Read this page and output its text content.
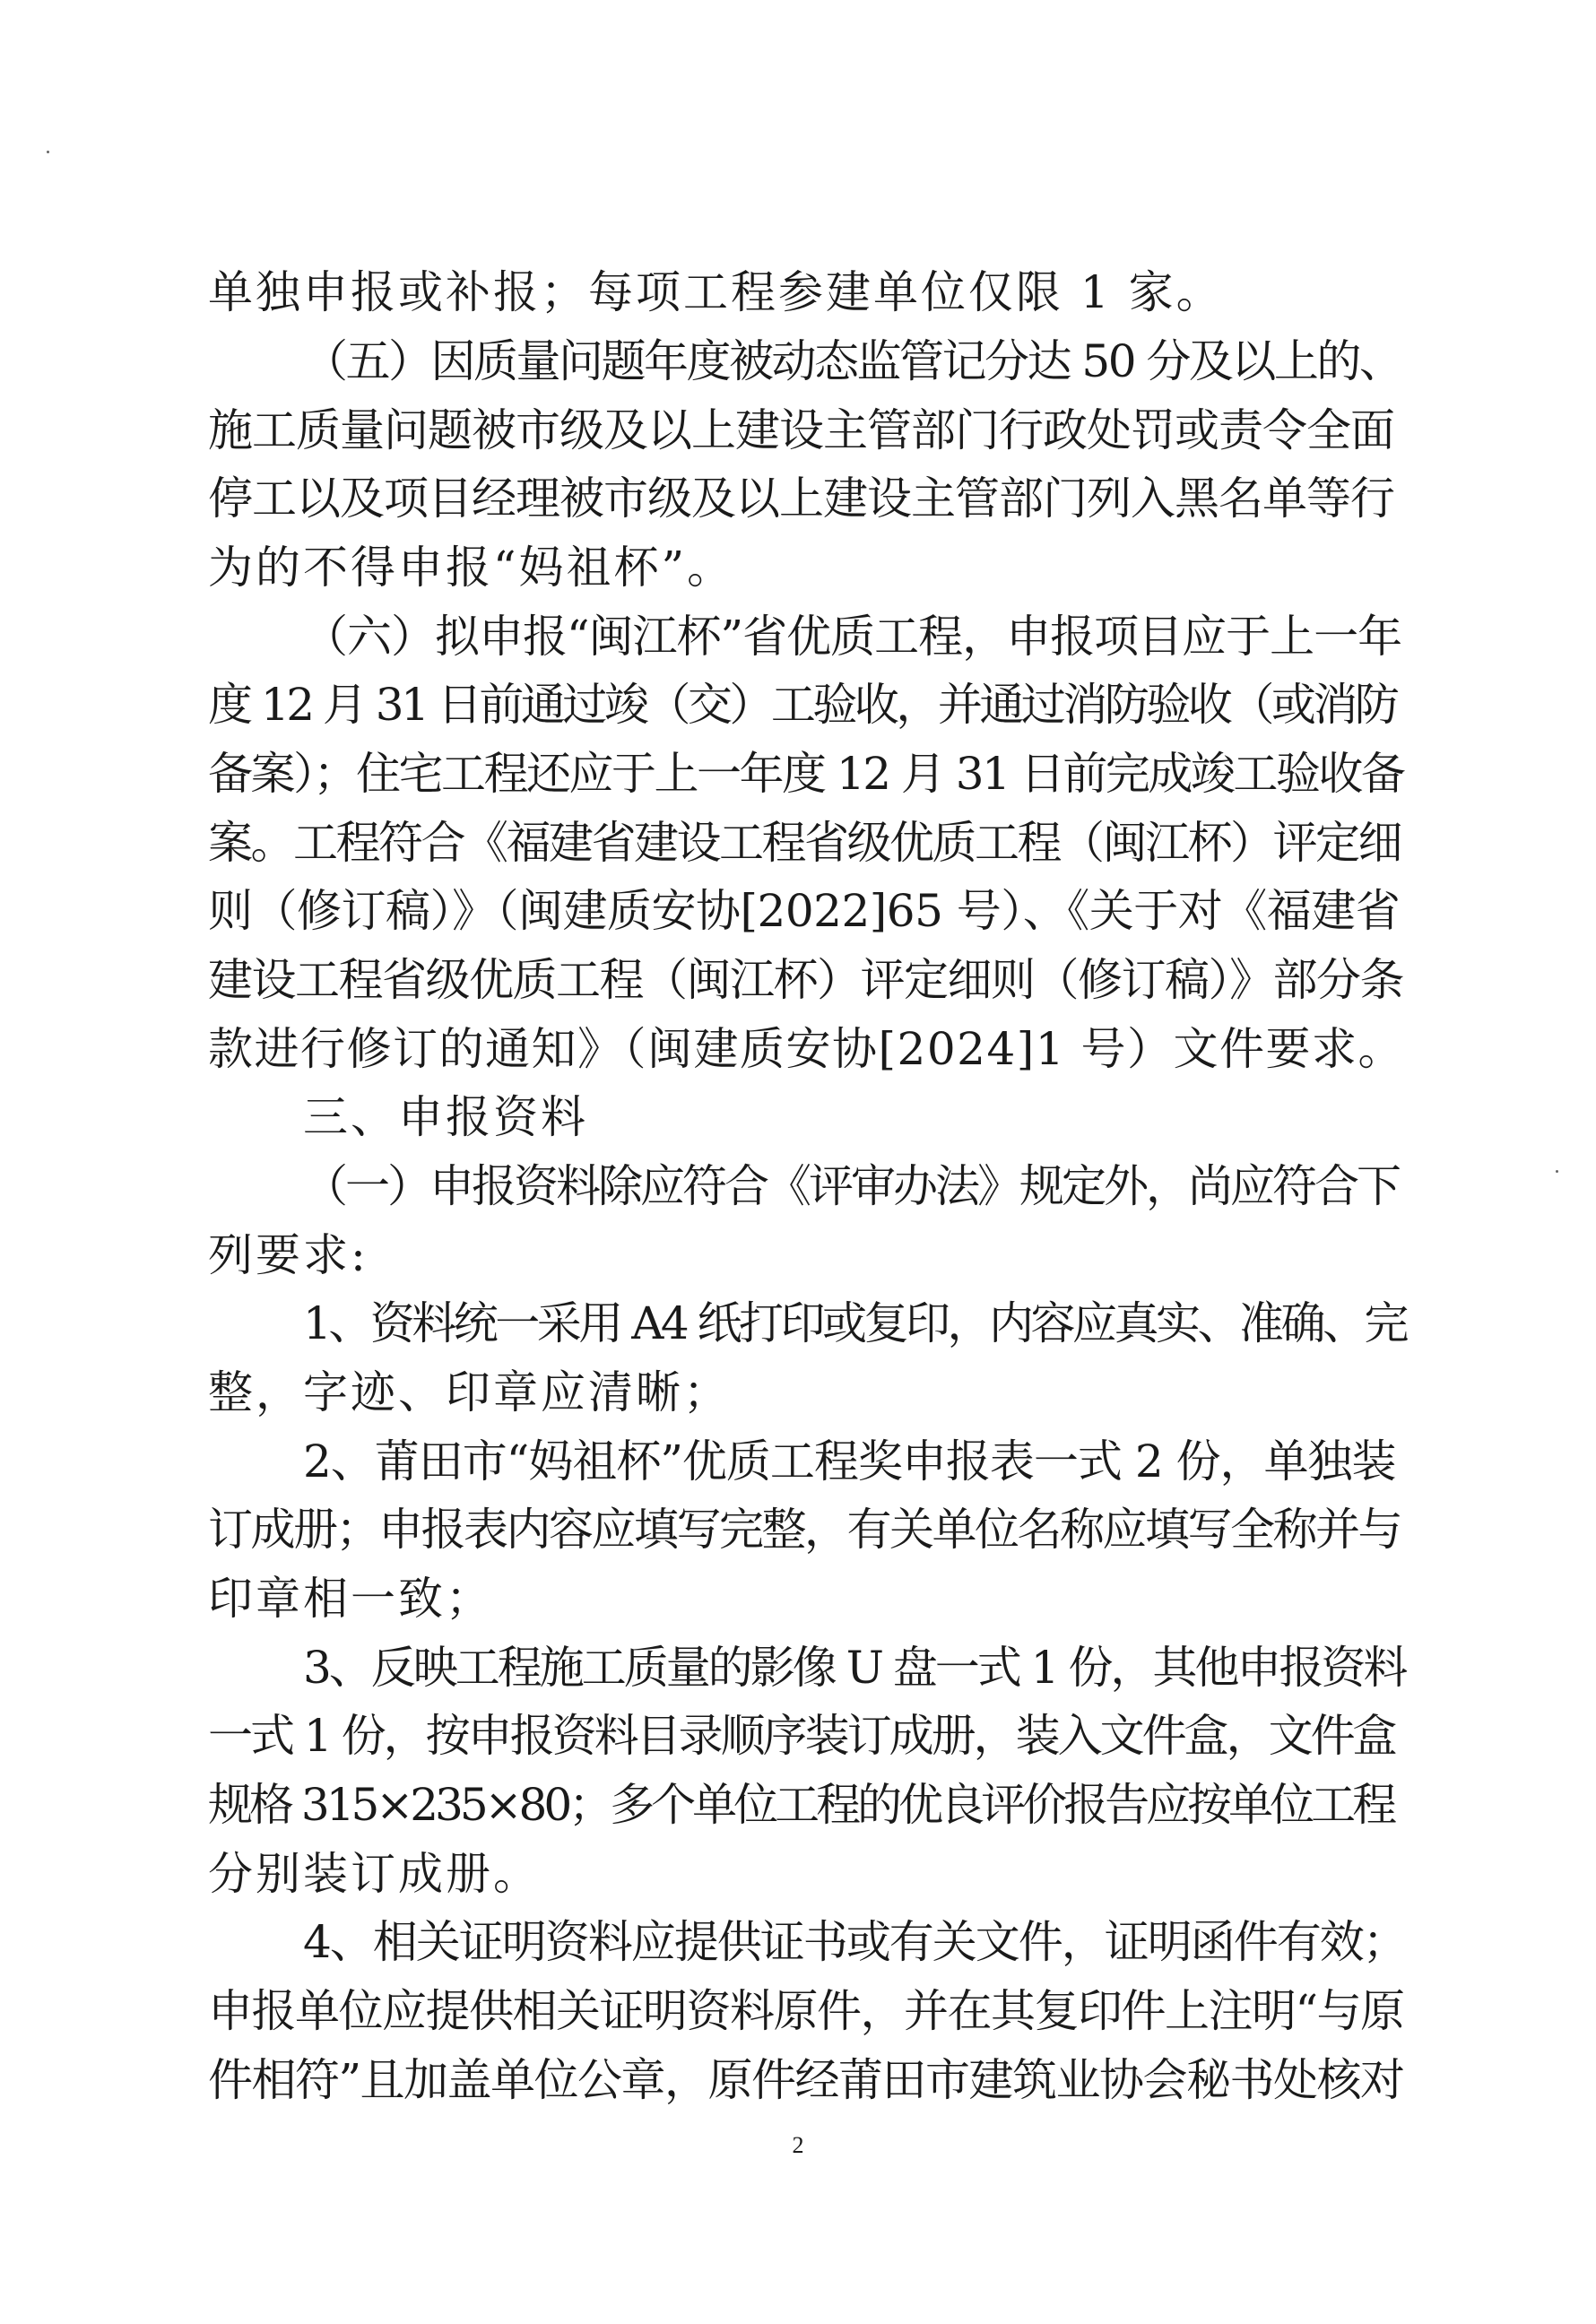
单独申报或补报；每项工程参建单位仅限 1 家。
（五）因质量问题年度被动态监管记分达 50 分及以上的、
施工质量问题被市级及以上建设主管部门行政处罚或责令全面
停工以及项目经理被市级及以上建设主管部门列入黑名单等行
为的不得申报“妈祖杯”。
（六）拟申报“闽江杯”省优质工程，申报项目应于上一年
度 12 月 31 日前通过竣（交）工验收，并通过消防验收（或消防
备案）；住宅工程还应于上一年度 12 月 31 日前完成竣工验收备
案。工程符合《福建省建设工程省级优质工程（闽江杯）评定细
则（修订稿）》（闽建质安协[2022]65 号）、《关于对《福建省
建设工程省级优质工程（闽江杯）评定细则（修订稿）》部分条
款进行修订的通知》（闽建质安协[2024]1 号）文件要求。
三、申报资料
（一）申报资料除应符合《评审办法》规定外，尚应符合下
列要求:
1、资料统一采用 A4 纸打印或复印，内容应真实、准确、完
整，字迹、印章应清晰；
2、莆田市“妈祖杯”优质工程奖申报表一式 2 份，单独装
订成册；申报表内容应填写完整，有关单位名称应填写全称并与
印章相一致；
3、反映工程施工质量的影像 U 盘一式 1 份，其他申报资料
一式 1 份，按申报资料目录顺序装订成册，装入文件盒，文件盒
规格 315×235×80；多个单位工程的优良评价报告应按单位工程
分别装订成册。
4、相关证明资料应提供证书或有关文件，证明函件有效；
申报单位应提供相关证明资料原件，并在其复印件上注明“与原
件相符”且加盖单位公章，原件经莆田市建筑业协会秘书处核对
2
